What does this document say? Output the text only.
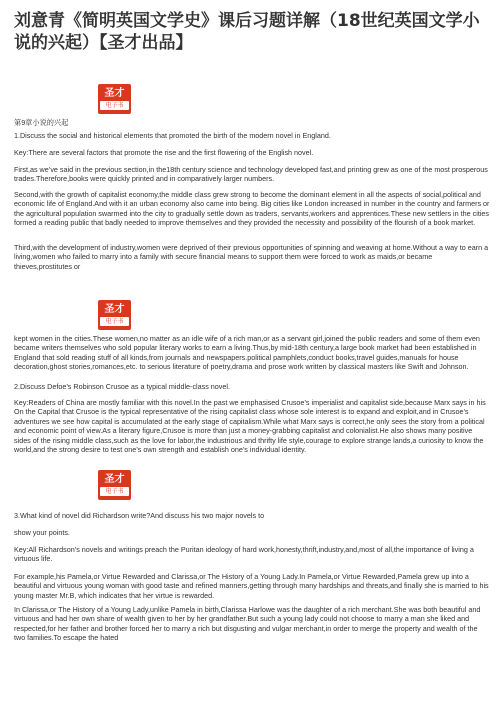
刘意青《简明英国文学史》课后习题详解（18世纪英国文学小说的兴起）【圣才出品】
圣才
电子书

第9章小说的兴起

1.Discuss the social and historical elements that promoted the birth of the modern novel in England.

Key:There are several factors that promote the rise and the first flowering of the English novel.

First,as we’ve said in the previous section,in the18th century science and technology developed fast,and printing grew as one of the most prosperous trades.Therefore,books were quickly printed and in comparatively larger numbers.

Second,with the growth of capitalist economy,the middle class grew strong to become the dominant element in all the aspects of social,political and economic life of England.And with it an urban economy also came into being. Big cities like London increased in number in the country and farmers or the agricultural population swarmed into the city to gradually settle down as traders, servants,workers and apprentices.These new settlers in the cities formed a reading public that badly needed to improve themselves and they provided the necessity and possibility of the flourish of a book market.

Third,with the development of industry,women were deprived of their previous opportunities of spinning and weaving at home.Without a way to earn a living,women who failed to marry into a family with secure financial means to support them were forced to work as maids,or became thieves,prostitutes or

圣才
电子书

kept women in the cities.These women,no matter as an idle wife of a rich man,or as a servant girl,joined the public readers and some of them even became writers themselves who sold popular literary works to earn a living.Thus,by mid-18th century,a large book market had been established in England that sold reading stuff of all kinds,from journals and newspapers.political pamphlets,conduct books,travel guides,manuals for house decoration,ghost stories,romances,etc. to serious literature of poetry,drama and prose work written by classical masters like Swift and Johnson.

2.Discuss Defoe’s Robinson Crusoe as a typical middle-class novel.

Key:Readers of China are mostly familiar with this novel.In the past we emphasised Crusoe’s imperialist and capitalist side,because Marx says in his On the Capital that Crusoe is the typical representative of the rising capitalist class whose sole interest is to expand and exploit,and in Crusoe’s adventures we see how capital is accumulated at the early stage of capitalism.While what Marx says is correct,he only sees the story from a political and economic point of view.As a literary figure,Crusoe is more than just a money-grabbing capitalist and colonialist.He also shows many positive sides of the rising middle class,such as the love for labor,the industrious and thrifty life style,courage to explore strange lands,a curiosity to know the world,and the strong desire to test one’s own strength and establish one’s individual identity.

圣才
电子书

3.What kind of novel did Richardson write?And discuss his two major novels to

show your points.

Key:All Richardson’s novels and writings preach the Puritan ideology of hard work,honesty,thrift,industry,and,most of all,the importance of living a virtuous life.

For example,his Pamela,or Virtue Rewarded and Clarissa,or The History of a Young Lady.In Pamela,or Virtue Rewarded,Pamela grew up into a beautiful and virtuous young woman with good taste and refined manners,getting through many hardships and threats,and finally she is married to his young master Mr.B, which indicates that her virtue is rewarded.

In Clarissa,or The History of a Young Lady,unlike Pamela in birth,Clarissa Harlowe was the daughter of a rich merchant.She was both beautiful and virtuous and had her own share of wealth given to her by her grandfather.But such a young lady could not choose to marry a man she liked and respected,for her father and brother forced her to marry a rich but disgusting and vulgar merchant,in order to merge the property and wealth of the two families.To escape the hated
